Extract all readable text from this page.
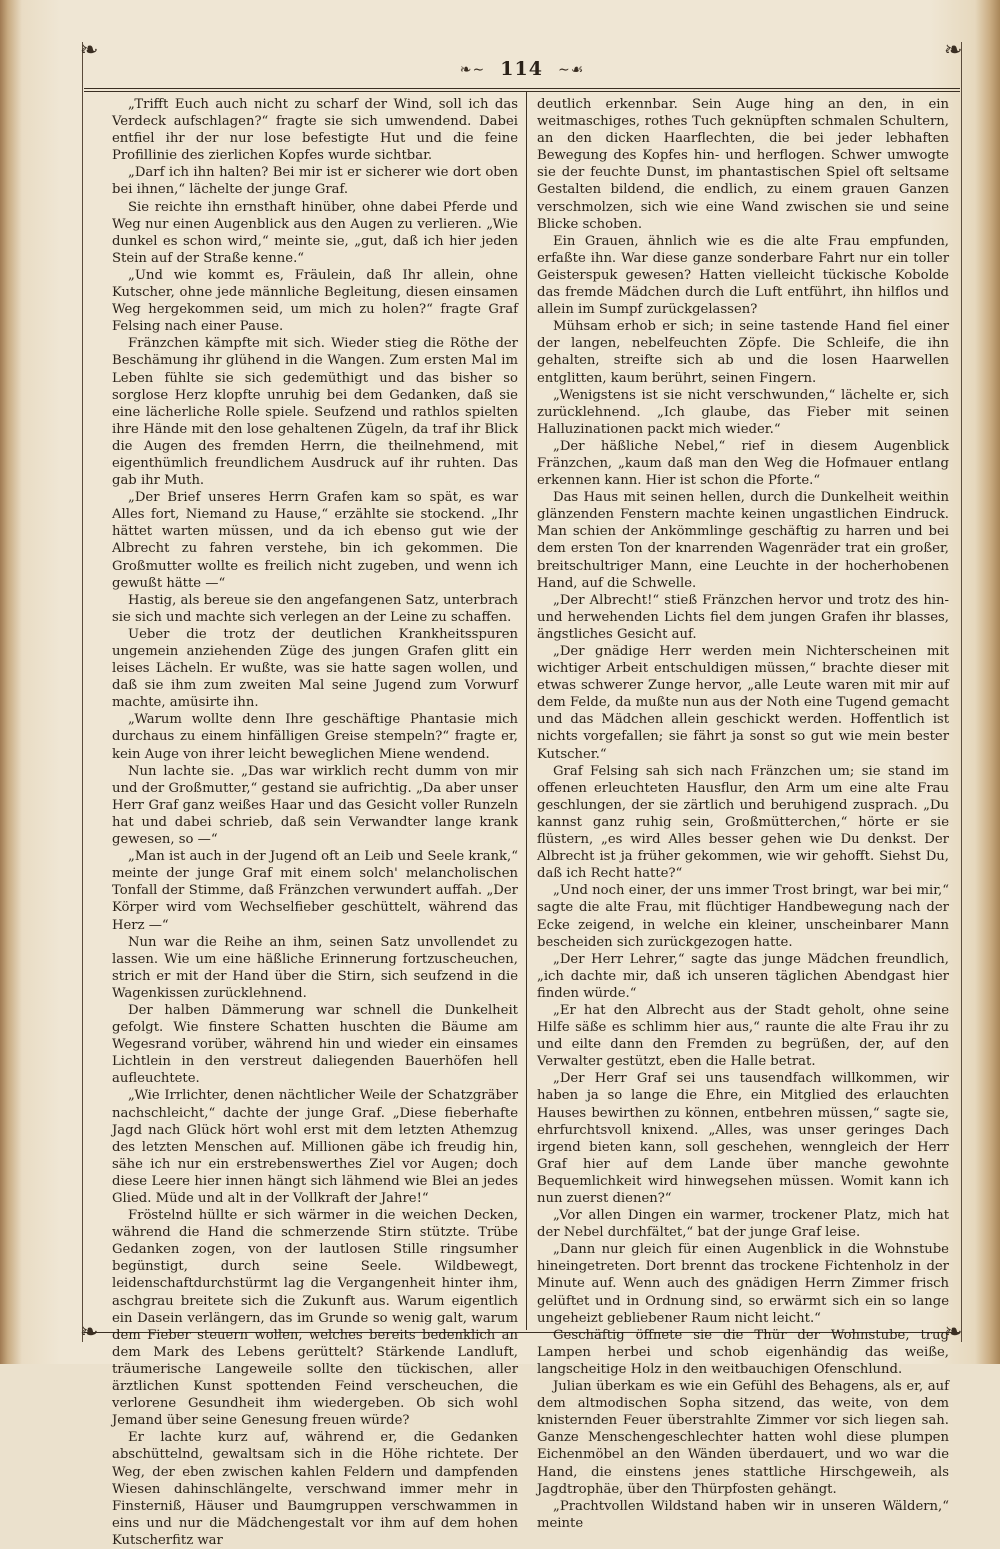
❧	❧
❧	❧
❧∼ 114 ∼☙

„Trifft Euch auch nicht zu scharf der Wind, soll ich das Verdeck aufschlagen?“ fragte sie sich umwendend. Dabei entfiel ihr der nur lose befestigte Hut und die feine Profillinie des zierlichen Kopfes wurde sichtbar.

„Darf ich ihn halten? Bei mir ist er sicherer wie dort oben bei ihnen,“ lächelte der junge Graf.

Sie reichte ihn ernsthaft hinüber, ohne dabei Pferde und Weg nur einen Augenblick aus den Augen zu verlieren. „Wie dunkel es schon wird,“ meinte sie, „gut, daß ich hier jeden Stein auf der Straße kenne.“

„Und wie kommt es, Fräulein, daß Ihr allein, ohne Kutscher, ohne jede männliche Begleitung, diesen einsamen Weg hergekommen seid, um mich zu holen?“ fragte Graf Felsing nach einer Pause.

Fränzchen kämpfte mit sich. Wieder stieg die Röthe der Beschämung ihr glühend in die Wangen. Zum ersten Mal im Leben fühlte sie sich gedemüthigt und das bisher so sorglose Herz klopfte unruhig bei dem Gedanken, daß sie eine lächerliche Rolle spiele. Seufzend und rathlos spielten ihre Hände mit den lose gehaltenen Zügeln, da traf ihr Blick die Augen des fremden Herrn, die theilnehmend, mit eigenthümlich freundlichem Ausdruck auf ihr ruhten. Das gab ihr Muth.

„Der Brief unseres Herrn Grafen kam so spät, es war Alles fort, Niemand zu Hause,“ erzählte sie stockend. „Ihr hättet warten müssen, und da ich ebenso gut wie der Albrecht zu fahren verstehe, bin ich gekommen. Die Großmutter wollte es freilich nicht zugeben, und wenn ich gewußt hätte —“

Hastig, als bereue sie den angefangenen Satz, unterbrach sie sich und machte sich verlegen an der Leine zu schaffen.

Ueber die trotz der deutlichen Krankheitsspuren ungemein anziehenden Züge des jungen Grafen glitt ein leises Lächeln. Er wußte, was sie hatte sagen wollen, und daß sie ihm zum zweiten Mal seine Jugend zum Vorwurf machte, amüsirte ihn.

„Warum wollte denn Ihre geschäftige Phantasie mich durchaus zu einem hinfälligen Greise stempeln?“ fragte er, kein Auge von ihrer leicht beweglichen Miene wendend.

Nun lachte sie. „Das war wirklich recht dumm von mir und der Großmutter,“ gestand sie aufrichtig. „Da aber unser Herr Graf ganz weißes Haar und das Gesicht voller Runzeln hat und dabei schrieb, daß sein Verwandter lange krank gewesen, so —“

„Man ist auch in der Jugend oft an Leib und Seele krank,“ meinte der junge Graf mit einem solch' melancholischen Tonfall der Stimme, daß Fränzchen verwundert auffah. „Der Körper wird vom Wechselfieber geschüttelt, während das Herz —“

Nun war die Reihe an ihm, seinen Satz unvollendet zu lassen. Wie um eine häßliche Erinnerung fortzuscheuchen, strich er mit der Hand über die Stirn, sich seufzend in die Wagenkissen zurücklehnend.

Der halben Dämmerung war schnell die Dunkelheit gefolgt. Wie finstere Schatten huschten die Bäume am Wegesrand vorüber, während hin und wieder ein einsames Lichtlein in den verstreut daliegenden Bauerhöfen hell aufleuchtete.

„Wie Irrlichter, denen nächtlicher Weile der Schatzgräber nachschleicht,“ dachte der junge Graf. „Diese fieberhafte Jagd nach Glück hört wohl erst mit dem letzten Athemzug des letzten Menschen auf. Millionen gäbe ich freudig hin, sähe ich nur ein erstrebenswerthes Ziel vor Augen; doch diese Leere hier innen hängt sich lähmend wie Blei an jedes Glied. Müde und alt in der Vollkraft der Jahre!“

Fröstelnd hüllte er sich wärmer in die weichen Decken, während die Hand die schmerzende Stirn stützte. Trübe Gedanken zogen, von der lautlosen Stille ringsumher begünstigt, durch seine Seele. Wildbewegt, leidenschaftdurchstürmt lag die Vergangenheit hinter ihm, aschgrau breitete sich die Zukunft aus. Warum eigentlich ein Dasein verlängern, das im Grunde so wenig galt, warum dem Fieber steuern wollen, welches bereits bedenklich an dem Mark des Lebens gerüttelt? Stärkende Landluft, träumerische Langeweile sollte den tückischen, aller ärztlichen Kunst spottenden Feind verscheuchen, die verlorene Gesundheit ihm wiedergeben. Ob sich wohl Jemand über seine Genesung freuen würde?

Er lachte kurz auf, während er, die Gedanken abschüttelnd, gewaltsam sich in die Höhe richtete. Der Weg, der eben zwischen kahlen Feldern und dampfenden Wiesen dahinschlängelte, verschwand immer mehr in Finsterniß, Häuser und Baumgruppen verschwammen in eins und nur die Mädchengestalt vor ihm auf dem hohen Kutscherfitz war

deutlich erkennbar. Sein Auge hing an den, in ein weitmaschiges, rothes Tuch geknüpften schmalen Schultern, an den dicken Haarflechten, die bei jeder lebhaften Bewegung des Kopfes hin- und herflogen. Schwer umwogte sie der feuchte Dunst, im phantastischen Spiel oft seltsame Gestalten bildend, die endlich, zu einem grauen Ganzen verschmolzen, sich wie eine Wand zwischen sie und seine Blicke schoben.

Ein Grauen, ähnlich wie es die alte Frau empfunden, erfaßte ihn. War diese ganze sonderbare Fahrt nur ein toller Geisterspuk gewesen? Hatten vielleicht tückische Kobolde das fremde Mädchen durch die Luft entführt, ihn hilflos und allein im Sumpf zurückgelassen?

Mühsam erhob er sich; in seine tastende Hand fiel einer der langen, nebelfeuchten Zöpfe. Die Schleife, die ihn gehalten, streifte sich ab und die losen Haarwellen entglitten, kaum berührt, seinen Fingern.

„Wenigstens ist sie nicht verschwunden,“ lächelte er, sich zurücklehnend. „Ich glaube, das Fieber mit seinen Halluzinationen packt mich wieder.“

„Der häßliche Nebel,“ rief in diesem Augenblick Fränzchen, „kaum daß man den Weg die Hofmauer entlang erkennen kann. Hier ist schon die Pforte.“

Das Haus mit seinen hellen, durch die Dunkelheit weithin glänzenden Fenstern machte keinen ungastlichen Eindruck. Man schien der Ankömmlinge geschäftig zu harren und bei dem ersten Ton der knarrenden Wagenräder trat ein großer, breitschultriger Mann, eine Leuchte in der hocherhobenen Hand, auf die Schwelle.

„Der Albrecht!“ stieß Fränzchen hervor und trotz des hin- und herwehenden Lichts fiel dem jungen Grafen ihr blasses, ängstliches Gesicht auf.

„Der gnädige Herr werden mein Nichterscheinen mit wichtiger Arbeit entschuldigen müssen,“ brachte dieser mit etwas schwerer Zunge hervor, „alle Leute waren mit mir auf dem Felde, da mußte nun aus der Noth eine Tugend gemacht und das Mädchen allein geschickt werden. Hoffentlich ist nichts vorgefallen; sie fährt ja sonst so gut wie mein bester Kutscher.“

Graf Felsing sah sich nach Fränzchen um; sie stand im offenen erleuchteten Hausflur, den Arm um eine alte Frau geschlungen, der sie zärtlich und beruhigend zusprach. „Du kannst ganz ruhig sein, Großmütterchen,“ hörte er sie flüstern, „es wird Alles besser gehen wie Du denkst. Der Albrecht ist ja früher gekommen, wie wir gehofft. Siehst Du, daß ich Recht hatte?“

„Und noch einer, der uns immer Trost bringt, war bei mir,“ sagte die alte Frau, mit flüchtiger Handbewegung nach der Ecke zeigend, in welche ein kleiner, unscheinbarer Mann bescheiden sich zurückgezogen hatte.

„Der Herr Lehrer,“ sagte das junge Mädchen freundlich, „ich dachte mir, daß ich unseren täglichen Abendgast hier finden würde.“

„Er hat den Albrecht aus der Stadt geholt, ohne seine Hilfe säße es schlimm hier aus,“ raunte die alte Frau ihr zu und eilte dann den Fremden zu begrüßen, der, auf den Verwalter gestützt, eben die Halle betrat.

„Der Herr Graf sei uns tausendfach willkommen, wir haben ja so lange die Ehre, ein Mitglied des erlauchten Hauses bewirthen zu können, entbehren müssen,“ sagte sie, ehrfurchtsvoll knixend. „Alles, was unser geringes Dach irgend bieten kann, soll geschehen, wenngleich der Herr Graf hier auf dem Lande über manche gewohnte Bequemlichkeit wird hinwegsehen müssen. Womit kann ich nun zuerst dienen?“

„Vor allen Dingen ein warmer, trockener Platz, mich hat der Nebel durchfältet,“ bat der junge Graf leise.

„Dann nur gleich für einen Augenblick in die Wohnstube hineingetreten. Dort brennt das trockene Fichtenholz in der Minute auf. Wenn auch des gnädigen Herrn Zimmer frisch gelüftet und in Ordnung sind, so erwärmt sich ein so lange ungeheizt gebliebener Raum nicht leicht.“

Geschäftig öffnete sie die Thür der Wohnstube, trug Lampen herbei und schob eigenhändig das weiße, langscheitige Holz in den weitbauchigen Ofenschlund.

Julian überkam es wie ein Gefühl des Behagens, als er, auf dem altmodischen Sopha sitzend, das weite, von dem knisternden Feuer überstrahlte Zimmer vor sich liegen sah. Ganze Menschengeschlechter hatten wohl diese plumpen Eichenmöbel an den Wänden überdauert, und wo war die Hand, die einstens jenes stattliche Hirschgeweih, als Jagdtrophäe, über den Thürpfosten gehängt.

„Prachtvollen Wildstand haben wir in unseren Wäldern,“ meinte
